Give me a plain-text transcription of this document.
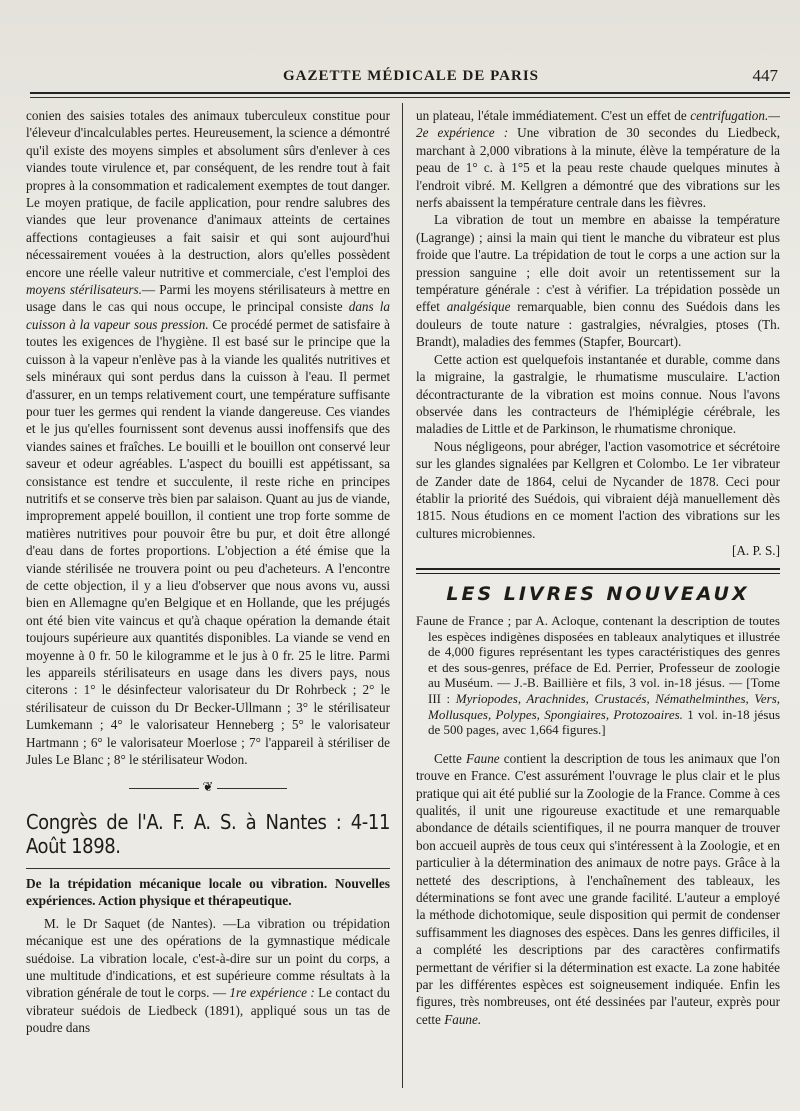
GAZETTE MÉDICALE DE PARIS	447

conien des saisies totales des animaux tuberculeux constitue pour l'éleveur d'incalculables pertes. Heureusement, la science a démontré qu'il existe des moyens simples et absolument sûrs d'enlever à ces viandes toute virulence et, par conséquent, de les rendre tout à fait propres à la consommation et radicalement exemptes de tout danger. Le moyen pratique, de facile application, pour rendre salubres des viandes que leur provenance d'animaux atteints de certaines affections contagieuses a fait saisir et qui sont aujourd'hui nécessairement vouées à la destruction, alors qu'elles possèdent encore une réelle valeur nutritive et commerciale, c'est l'emploi des moyens stérilisateurs.— Parmi les moyens stérilisateurs à mettre en usage dans le cas qui nous occupe, le principal consiste dans la cuisson à la vapeur sous pression. Ce procédé permet de satisfaire à toutes les exigences de l'hygiène. Il est basé sur le principe que la cuisson à la vapeur n'enlève pas à la viande les qualités nutritives et sels minéraux qui sont perdus dans la cuisson à l'eau. Il permet d'assurer, en un temps relativement court, une température suffisante pour tuer les germes qui rendent la viande dangereuse. Ces viandes et le jus qu'elles fournissent sont devenus aussi inoffensifs que des viandes saines et fraîches. Le bouilli et le bouillon ont conservé leur saveur et odeur agréables. L'aspect du bouilli est appétissant, sa consistance est tendre et succulente, il reste riche en principes nutritifs et se conserve très bien par salaison. Quant au jus de viande, improprement appelé bouillon, il contient une trop forte somme de matières nutritives pour pouvoir être bu pur, et doit être allongé d'eau dans de fortes proportions. L'objection a été émise que la viande stérilisée ne trouvera point ou peu d'acheteurs. A l'encontre de cette objection, il y a lieu d'observer que nous avons vu, aussi bien en Allemagne qu'en Belgique et en Hollande, que les préjugés ont été bien vite vaincus et qu'à chaque opération la demande était toujours supérieure aux quantités disponibles. La viande se vend en moyenne à 0 fr. 50 le kilogramme et le jus à 0 fr. 25 le litre. Parmi les appareils stérilisateurs en usage dans les divers pays, nous citerons : 1° le désinfecteur valorisateur du Dr Rohrbeck ; 2° le stérilisateur de cuisson du Dr Becker-Ullmann ; 3° le stérilisateur Lumkemann ; 4° le valorisateur Henneberg ; 5° le valorisateur Hartmann ; 6° le valorisateur Moerlose ; 7° l'appareil à stériliser de Jules Le Blanc ; 8° le stérilisateur Wodon.

❦
Congrès de l'A. F. A. S. à Nantes : 4-11 Août 1898.
De la trépidation mécanique locale ou vibration. Nouvelles expériences. Action physique et thérapeutique.

M. le Dr Saquet (de Nantes). —La vibration ou trépidation mécanique est une des opérations de la gymnastique médicale suédoise. La vibration locale, c'est-à-dire sur un point du corps, a une multitude d'indications, et est supérieure comme résultats à la vibration générale de tout le corps. — 1re expérience : Le contact du vibrateur suédois de Liedbeck (1891), appliqué sous un tas de poudre dans

un plateau, l'étale immédiatement. C'est un effet de centrifugation.— 2e expérience : Une vibration de 30 secondes du Liedbeck, marchant à 2,000 vibrations à la minute, élève la température de la peau de 1° c. à 1°5 et la peau reste chaude quelques minutes à l'endroit vibré. M. Kellgren a démontré que des vibrations sur les nerfs abaissent la température centrale dans les fièvres.

La vibration de tout un membre en abaisse la température (Lagrange) ; ainsi la main qui tient le manche du vibrateur est plus froide que l'autre. La trépidation de tout le corps a une action sur la pression sanguine ; elle doit avoir un retentissement sur la température générale : c'est à vérifier. La trépidation possède un effet analgésique remarquable, bien connu des Suédois dans les douleurs de toute nature : gastralgies, névralgies, ptoses (Th. Brandt), maladies des femmes (Stapfer, Bourcart).

Cette action est quelquefois instantanée et durable, comme dans la migraine, la gastralgie, le rhumatisme musculaire. L'action décontracturante de la vibration est moins connue. Nous l'avons observée dans les contracteurs de l'hémiplégie cérébrale, les maladies de Little et de Parkinson, le rhumatisme chronique.

Nous négligeons, pour abréger, l'action vasomotrice et sécrétoire sur les glandes signalées par Kellgren et Colombo. Le 1er vibrateur de Zander date de 1864, celui de Nycander de 1878. Ceci pour établir la priorité des Suédois, qui vibraient déjà manuellement dès 1815. Nous étudions en ce moment l'action des vibrations sur les cultures microbiennes.

[A. P. S.]

LES LIVRES NOUVEAUX

Faune de France ; par A. Acloque, contenant la description de toutes les espèces indigènes disposées en tableaux analytiques et illustrée de 4,000 figures représentant les types caractéristiques des genres et des sous-genres, préface de Ed. Perrier, Professeur de zoologie au Muséum. — J.-B. Baillière et fils, 3 vol. in-18 jésus. — [Tome III : Myriopodes, Arachnides, Crustacés, Némathelminthes, Vers, Mollusques, Polypes, Spongiaires, Protozoaires. 1 vol. in-18 jésus de 500 pages, avec 1,664 figures.]

Cette Faune contient la description de tous les animaux que l'on trouve en France. C'est assurément l'ouvrage le plus clair et le plus pratique qui ait été publié sur la Zoologie de la France. Comme à ces qualités, il unit une rigoureuse exactitude et une remarquable abondance de détails scientifiques, il ne pourra manquer de trouver bon accueil auprès de tous ceux qui s'intéressent à la Zoologie, et en particulier à la détermination des animaux de notre pays. Grâce à la netteté des descriptions, à l'enchaînement des tableaux, les déterminations se font avec une grande facilité. L'auteur a employé la méthode dichotomique, seule disposition qui permit de condenser suffisamment les diagnoses des espèces. Dans les genres difficiles, il a complété les descriptions par des caractères confirmatifs permettant de vérifier si la détermination est exacte. La zone habitée par les différentes espèces est soigneusement indiquée. Enfin les figures, très nombreuses, ont été dessinées par l'auteur, exprès pour cette Faune.
